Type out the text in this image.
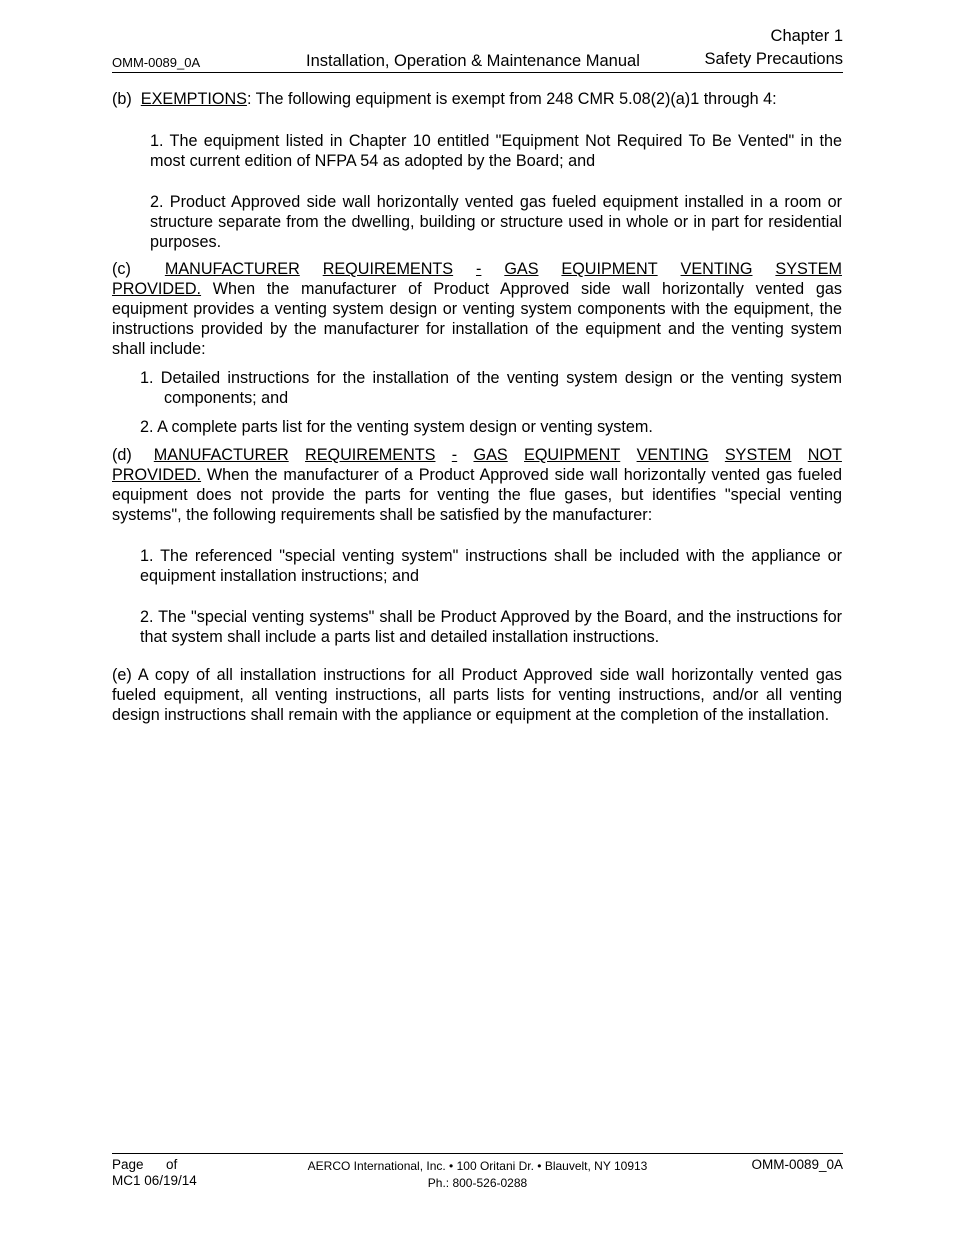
OMM-0089_0A	Installation, Operation & Maintenance Manual
Chapter 1
Safety Precautions

(b) EXEMPTIONS: The following equipment is exempt from 248 CMR 5.08(2)(a)1 through 4:

1. The equipment listed in Chapter 10 entitled "Equipment Not Required To Be Vented" in the most current edition of NFPA 54 as adopted by the Board; and

2. Product Approved side wall horizontally vented gas fueled equipment installed in a room or structure separate from the dwelling, building or structure used in whole or in part for residential purposes.

(c) MANUFACTURER REQUIREMENTS - GAS EQUIPMENT VENTING SYSTEM

PROVIDED. When the manufacturer of Product Approved side wall horizontally vented gas equipment provides a venting system design or venting system components with the equipment, the instructions provided by the manufacturer for installation of the equipment and the venting system shall include:

1. Detailed instructions for the installation of the venting system design or the venting system components; and

2. A complete parts list for the venting system design or venting system.

(d) MANUFACTURER REQUIREMENTS - GAS EQUIPMENT VENTING SYSTEM NOT

PROVIDED. When the manufacturer of a Product Approved side wall horizontally vented gas fueled equipment does not provide the parts for venting the flue gases, but identifies "special venting systems", the following requirements shall be satisfied by the manufacturer:

1. The referenced "special venting system" instructions shall be included with the appliance or equipment installation instructions; and

2. The "special venting systems" shall be Product Approved by the Board, and the instructions for that system shall include a parts list and detailed installation instructions.

(e) A copy of all installation instructions for all Product Approved side wall horizontally vented gas fueled equipment, all venting instructions, all parts lists for venting instructions, and/or all venting design instructions shall remain with the appliance or equipment at the completion of the installation.

Page of
MC1 06/19/14
AERCO International, Inc. • 100 Oritani Dr. • Blauvelt, NY 10913
Ph.: 800-526-0288
OMM-0089_0A
